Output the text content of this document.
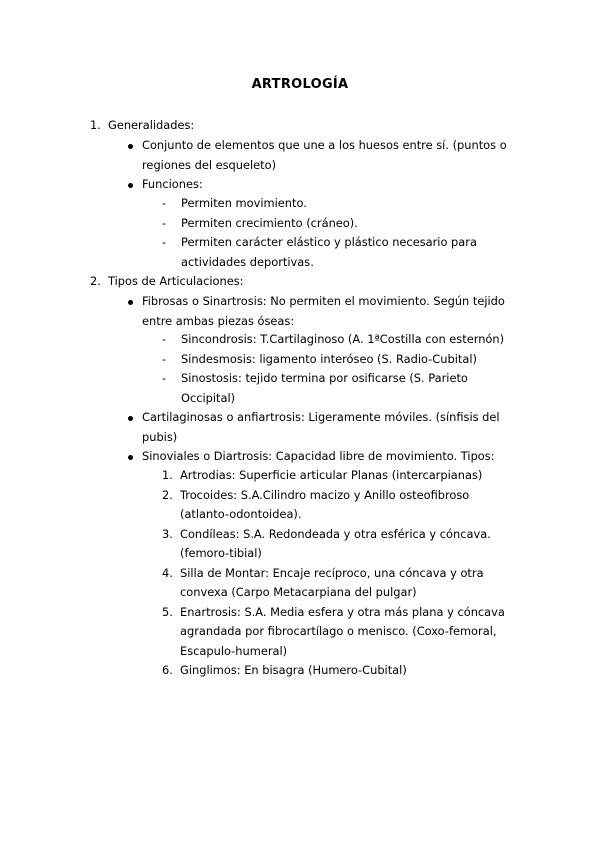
ARTROLOGÍA
1. Generalidades:
Conjunto de elementos que une a los huesos entre sí. (puntos o
regiones del esqueleto)
Funciones:
- Permiten movimiento.
- Permiten crecimiento (cráneo).
- Permiten carácter elástico y plástico necesario para
actividades deportivas.
2. Tipos de Articulaciones:
Fibrosas o Sinartrosis: No permiten el movimiento. Según tejido
entre ambas piezas óseas:
- Sincondrosis: T.Cartilaginoso (A. 1ªCostilla con esternón)
- Sindesmosis: ligamento interóseo (S. Radio-Cubital)
- Sinostosis: tejido termina por osificarse (S. Parieto
Occipital)
Cartilaginosas o anfiartrosis: Ligeramente móviles. (sínfisis del
pubis)
Sinoviales o Diartrosis: Capacidad libre de movimiento. Tipos:
1. Artrodias: Superficie articular Planas (intercarpianas)
2. Trocoides: S.A.Cilindro macizo y Anillo osteofibroso
(atlanto-odontoidea).
3. Condíleas: S.A. Redondeada y otra esférica y cóncava.
(femoro-tibial)
4. Silla de Montar: Encaje recíproco, una cóncava y otra
convexa (Carpo Metacarpiana del pulgar)
5. Enartrosis: S.A. Media esfera y otra más plana y cóncava
agrandada por fibrocartílago o menisco. (Coxo-femoral,
Escapulo-humeral)
6. Ginglimos: En bisagra (Humero-Cubital)
